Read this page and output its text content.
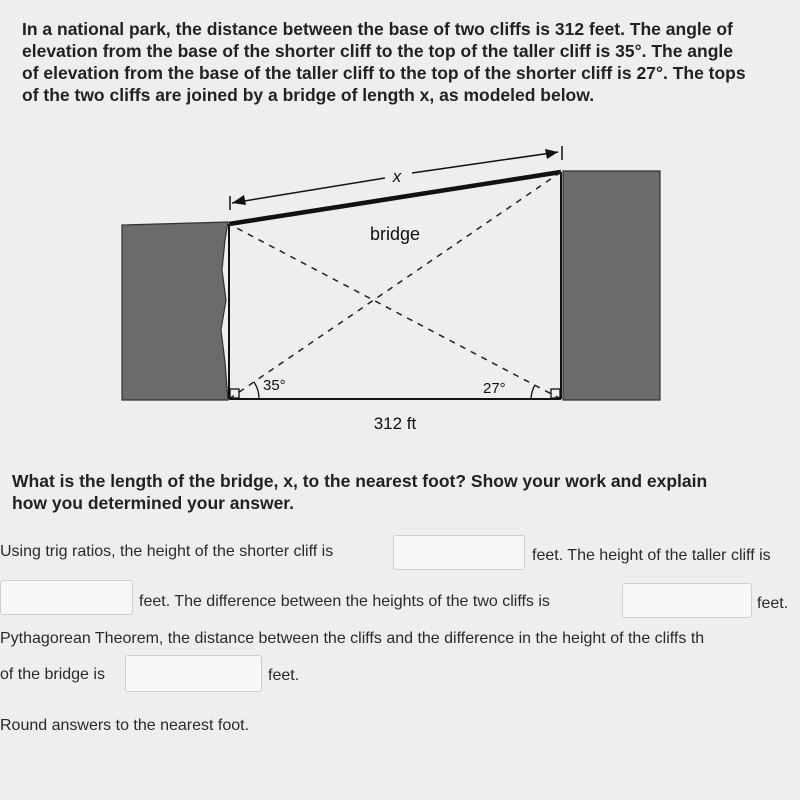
In a national park, the distance between the base of two cliffs is 312 feet. The angle of

elevation from the base of the shorter cliff to the top of the taller cliff is 35°. The angle

of elevation from the base of the taller cliff to the top of the shorter cliff is 27°. The tops

of the two cliffs are joined by a bridge of length x, as modeled below.

x
bridge
35°	27°
312 ft
What is the length of the bridge, x, to the nearest foot? Show your work and explain
how you determined your answer.
Using trig ratios, the height of the shorter cliff is	feet. The height of the taller cliff is
feet. The difference between the heights of the two cliffs is	feet.
Pythagorean Theorem, the distance between the cliffs and the difference in the height of the cliffs th
of the bridge is	feet.
Round answers to the nearest foot.
